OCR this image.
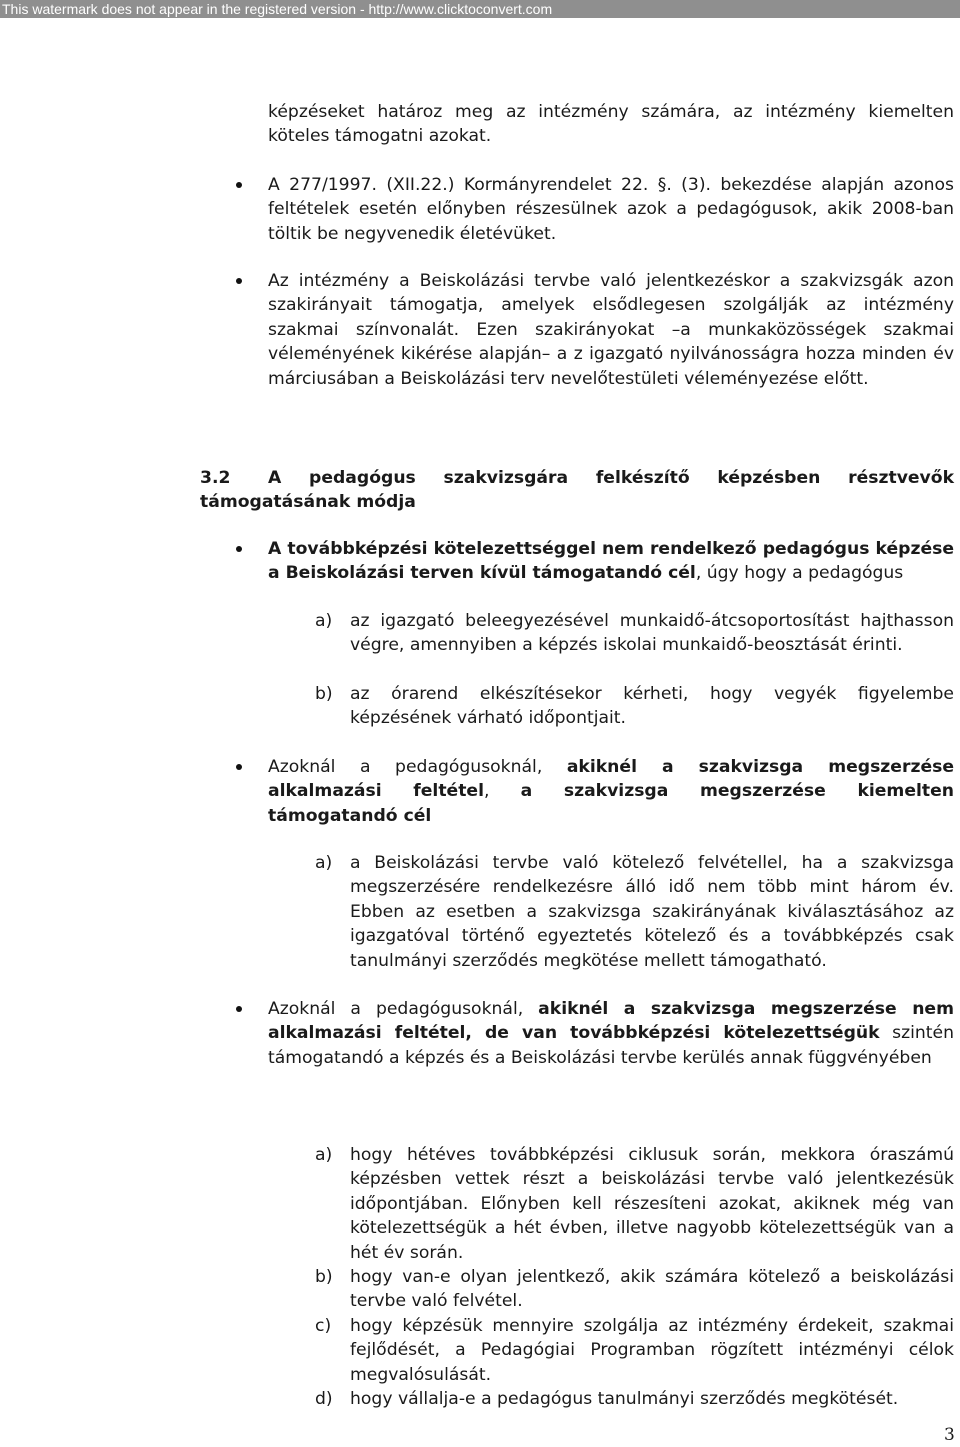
This watermark does not appear in the registered version - http://www.clicktoconvert.com
képzéseket határoz meg az intézmény számára, az intézmény kiemelten köteles támogatni azokat.
A 277/1997. (XII.22.) Kormányrendelet 22. §. (3). bekezdése alapján azonos feltételek esetén előnyben részesülnek azok a pedagógusok, akik 2008-ban töltik be negyvenedik életévüket.
Az intézmény a Beiskolázási tervbe való jelentkezéskor a szakvizsgák azon szakirányait támogatja, amelyek elsődlegesen szolgálják az intézmény szakmai színvonalát. Ezen szakirányokat –a munkaközösségek szakmai véleményének kikérése alapján– a z igazgató nyilvánosságra hozza minden év márciusában a Beiskolázási terv nevelőtestületi véleményezése előtt.
3.2 A pedagógus szakvizsgára felkészítő képzésben résztvevők támogatásának módja
A továbbképzési kötelezettséggel nem rendelkező pedagógus képzése a Beiskolázási terven kívül támogatandó cél, úgy hogy a pedagógus
a) az igazgató beleegyezésével munkaidő-átcsoportosítást hajthasson végre, amennyiben a képzés iskolai munkaidő-beosztását érinti.
b) az órarend elkészítésekor kérheti, hogy vegyék figyelembe képzésének várható időpontjait.
Azoknál a pedagógusoknál, akiknél a szakvizsga megszerzése alkalmazási feltétel, a szakvizsga megszerzése kiemelten támogatandó cél
a) a Beiskolázási tervbe való kötelező felvétellel, ha a szakvizsga megszerzésére rendelkezésre álló idő nem több mint három év. Ebben az esetben a szakvizsga szakirányának kiválasztásához az igazgatóval történő egyeztetés kötelező és a továbbképzés csak tanulmányi szerződés megkötése mellett támogatható.
Azoknál a pedagógusoknál, akiknél a szakvizsga megszerzése nem alkalmazási feltétel, de van továbbképzési kötelezettségük szintén támogatandó a képzés és a Beiskolázási tervbe kerülés annak függvényében
a) hogy hétéves továbbképzési ciklusuk során, mekkora óraszámú képzésben vettek részt a beiskolázási tervbe való jelentkezésük időpontjában. Előnyben kell részesíteni azokat, akiknek még van kötelezettségük a hét évben, illetve nagyobb kötelezettségük van a hét év során.
b) hogy van-e olyan jelentkező, akik számára kötelező a beiskolázási tervbe való felvétel.
c) hogy képzésük mennyire szolgálja az intézmény érdekeit, szakmai fejlődését, a Pedagógiai Programban rögzített intézményi célok megvalósulását.
d) hogy vállalja-e a pedagógus tanulmányi szerződés megkötését.
3
